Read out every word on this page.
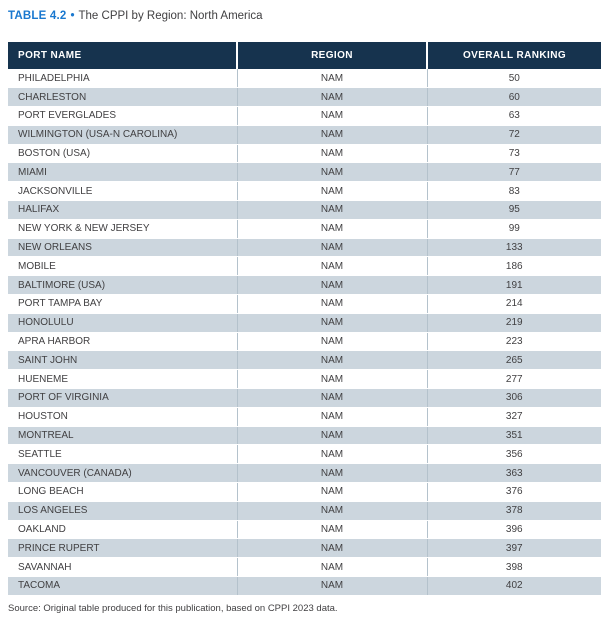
TABLE 4.2 • The CPPI by Region: North America
PORT NAME	REGION	OVERALL RANKING
PHILADELPHIA	NAM	50
CHARLESTON	NAM	60
PORT EVERGLADES	NAM	63
WILMINGTON (USA-N CAROLINA)	NAM	72
BOSTON (USA)	NAM	73
MIAMI	NAM	77
JACKSONVILLE	NAM	83
HALIFAX	NAM	95
NEW YORK & NEW JERSEY	NAM	99
NEW ORLEANS	NAM	133
MOBILE	NAM	186
BALTIMORE (USA)	NAM	191
PORT TAMPA BAY	NAM	214
HONOLULU	NAM	219
APRA HARBOR	NAM	223
SAINT JOHN	NAM	265
HUENEME	NAM	277
PORT OF VIRGINIA	NAM	306
HOUSTON	NAM	327
MONTREAL	NAM	351
SEATTLE	NAM	356
VANCOUVER (CANADA)	NAM	363
LONG BEACH	NAM	376
LOS ANGELES	NAM	378
OAKLAND	NAM	396
PRINCE RUPERT	NAM	397
SAVANNAH	NAM	398
TACOMA	NAM	402
Source: Original table produced for this publication, based on CPPI 2023 data.
